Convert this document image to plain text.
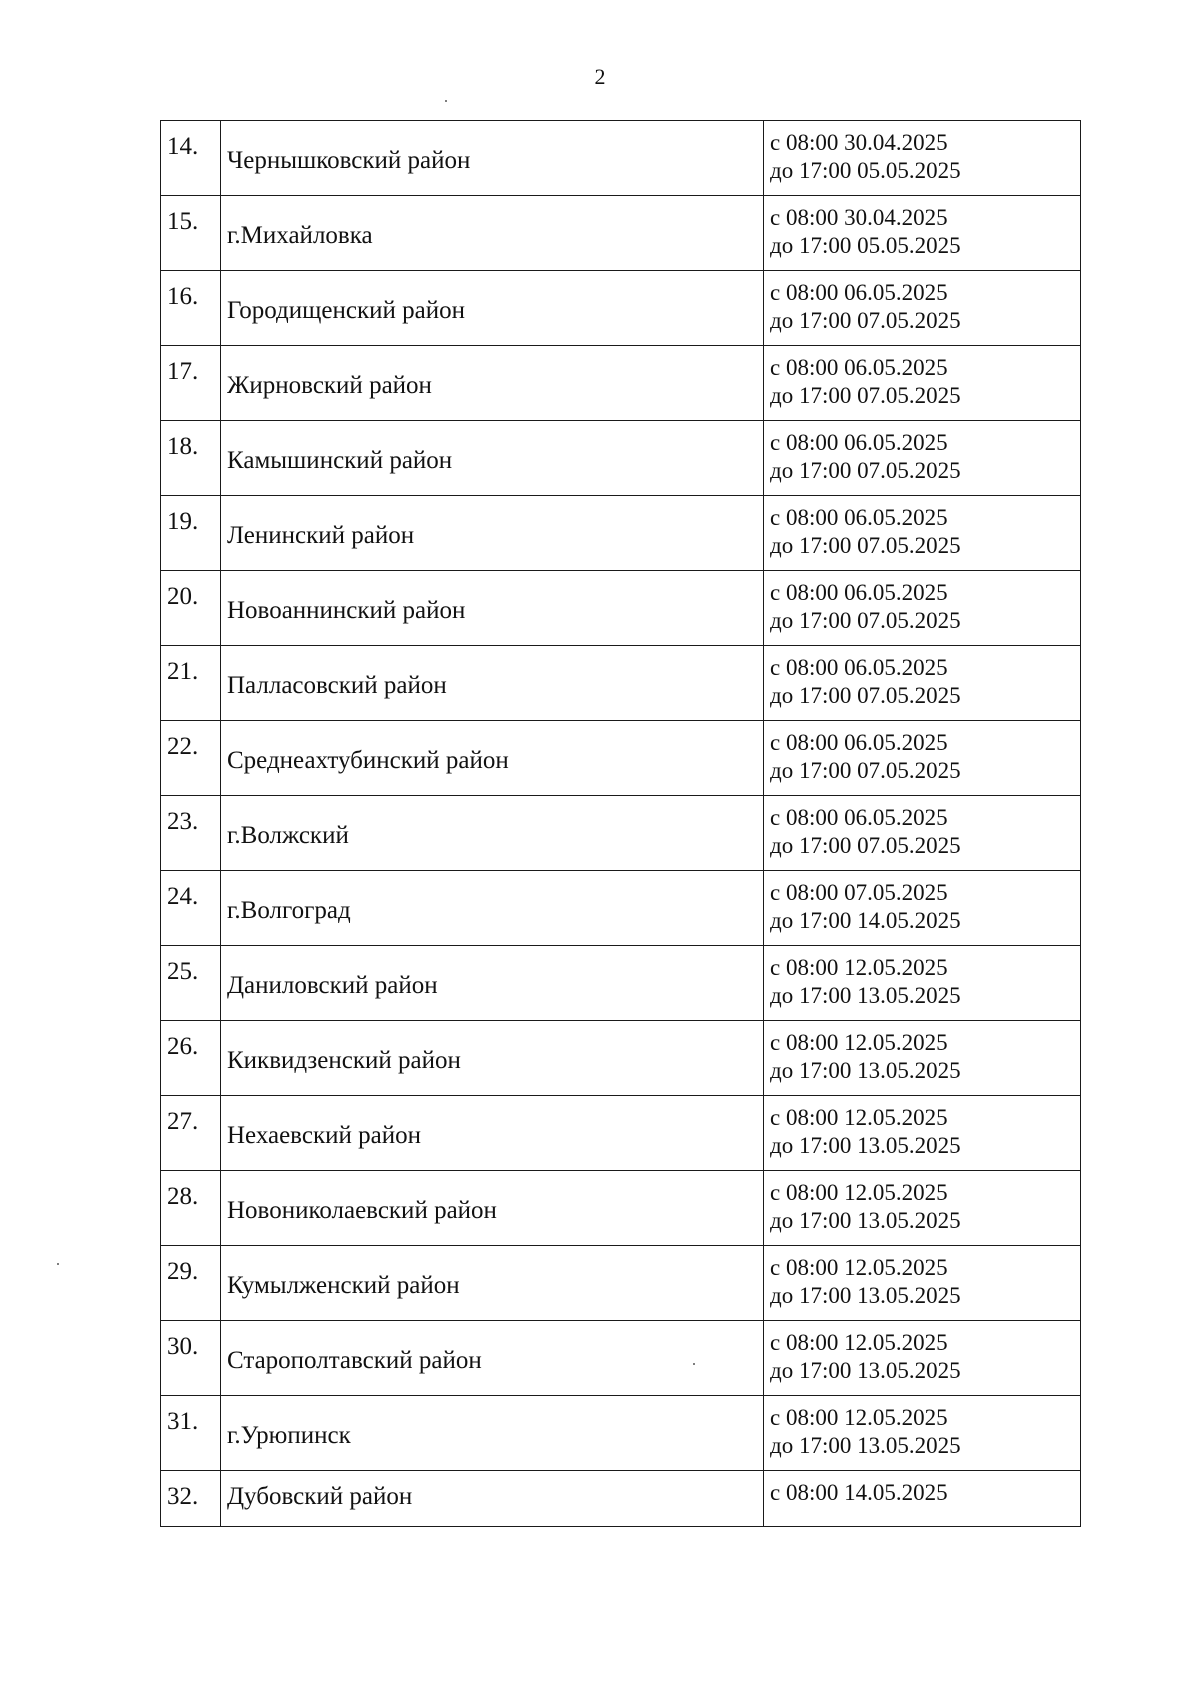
2
14.	Чернышковский район	с 08:00 30.04.2025
до 17:00 05.05.2025

15.	г.Михайловка	с 08:00 30.04.2025
до 17:00 05.05.2025

16.	Городищенский район	с 08:00 06.05.2025
до 17:00 07.05.2025

17.	Жирновский район	с 08:00 06.05.2025
до 17:00 07.05.2025

18.	Камышинский район	с 08:00 06.05.2025
до 17:00 07.05.2025

19.	Ленинский район	с 08:00 06.05.2025
до 17:00 07.05.2025

20.	Новоаннинский район	с 08:00 06.05.2025
до 17:00 07.05.2025

21.	Палласовский район	с 08:00 06.05.2025
до 17:00 07.05.2025

22.	Среднеахтубинский район	с 08:00 06.05.2025
до 17:00 07.05.2025

23.	г.Волжский	с 08:00 06.05.2025
до 17:00 07.05.2025

24.	г.Волгоград	с 08:00 07.05.2025
до 17:00 14.05.2025

25.	Даниловский район	с 08:00 12.05.2025
до 17:00 13.05.2025

26.	Киквидзенский район	с 08:00 12.05.2025
до 17:00 13.05.2025

27.	Нехаевский район	с 08:00 12.05.2025
до 17:00 13.05.2025

28.	Новониколаевский район	с 08:00 12.05.2025
до 17:00 13.05.2025

29.	Кумылженский район	с 08:00 12.05.2025
до 17:00 13.05.2025

30.	Старополтавский район	с 08:00 12.05.2025
до 17:00 13.05.2025

31.	г.Урюпинск	с 08:00 12.05.2025
до 17:00 13.05.2025

32.	Дубовский район	с 08:00 14.05.2025
